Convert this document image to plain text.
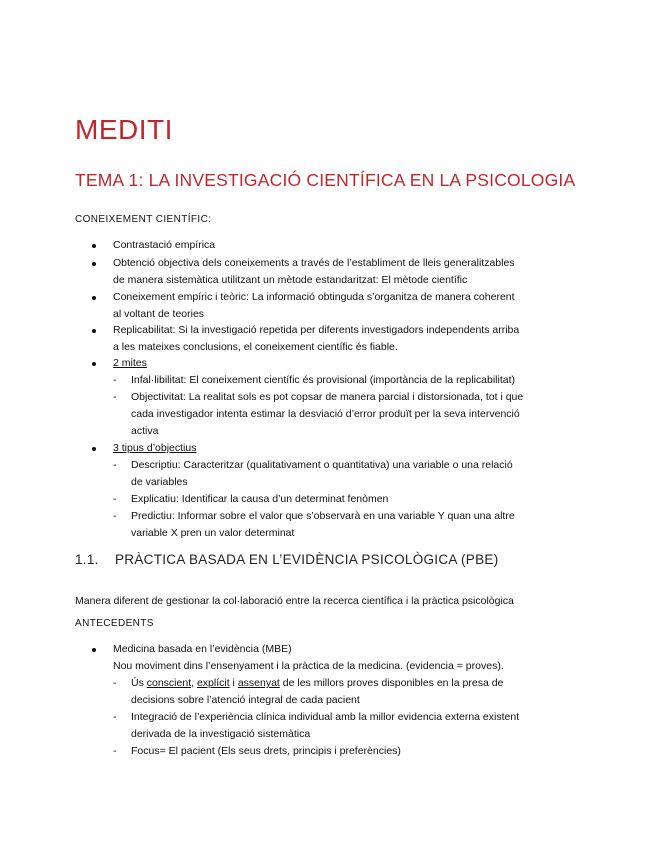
MEDITI
TEMA 1: LA INVESTIGACIÓ CIENTÍFICA EN LA PSICOLOGIA
CONEIXEMENT CIENTÍFIC:
Contrastació empírica
Obtenció objectiva dels coneixements a través de l’establiment de lleis generalitzables
de manera sistemàtica utilitzant un mètode estandaritzat: El mètode científic
Coneixement empíric i teòric: La informació obtinguda s’organitza de manera coherent
al voltant de teories
Replicabilitat: Si la investigació repetida per diferents investigadors independents arriba
a les mateixes conclusions, el coneixement científic és fiable.
2 mites
- Infal·libilitat: El coneixement científic és provisional (importància de la replicabilitat)
- Objectivitat: La realitat sols es pot copsar de manera parcial i distorsionada, tot i que
cada investigador intenta estimar la desviació d’error produït per la seva intervenció
activa
3 tipus d’objectius
- Descriptiu: Caracteritzar (qualitativament o quantitativa) una variable o una relació
de variables
- Explicatiu: Identificar la causa d’un determinat fenòmen
- Predictiu: Informar sobre el valor que s’observarà en una variable Y quan una altre
variable X pren un valor determinat
1.1. PRÀCTICA BASADA EN L’EVIDÈNCIA PSICOLÒGICA (PBE)
Manera diferent de gestionar la col·laboració entre la recerca científica i la pràctica psicològica
ANTECEDENTS
Medicina basada en l’evidència (MBE)
Nou moviment dins l’ensenyament i la pràctica de la medicina. (evidencia = proves).
- Ús conscient, explícit i assenyat de les millors proves disponibles en la presa de
decisions sobre l’atenció integral de cada pacient
- Integració de l’experiència clínica individual amb la millor evidencia externa existent
derivada de la investigació sistemàtica
- Focus= El pacient (Els seus drets, principis i preferències)
